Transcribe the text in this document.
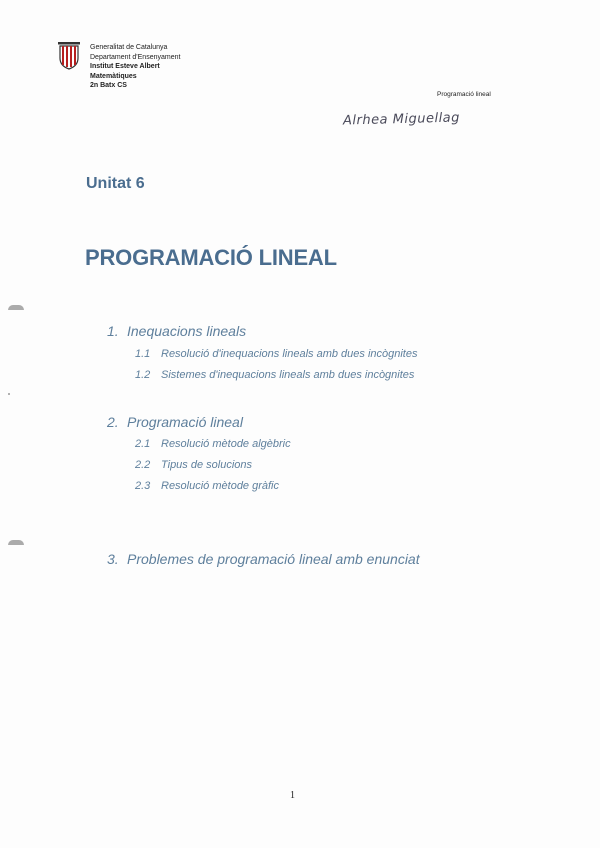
Generalitat de Catalunya
Departament d'Ensenyament
Institut Esteve Albert
Matemàtiques
2n Batx CS
Programació lineal
Alrhea Miguellag
Unitat 6
PROGRAMACIÓ LINEAL
1. Inequacions lineals
1.1 Resolució d'inequacions lineals amb dues incògnites
1.2 Sistemes d'inequacions lineals amb dues incògnites
2. Programació lineal
2.1 Resolució mètode algèbric
2.2 Tipus de solucions
2.3 Resolució mètode gràfic
3. Problemes de programació lineal amb enunciat
1
